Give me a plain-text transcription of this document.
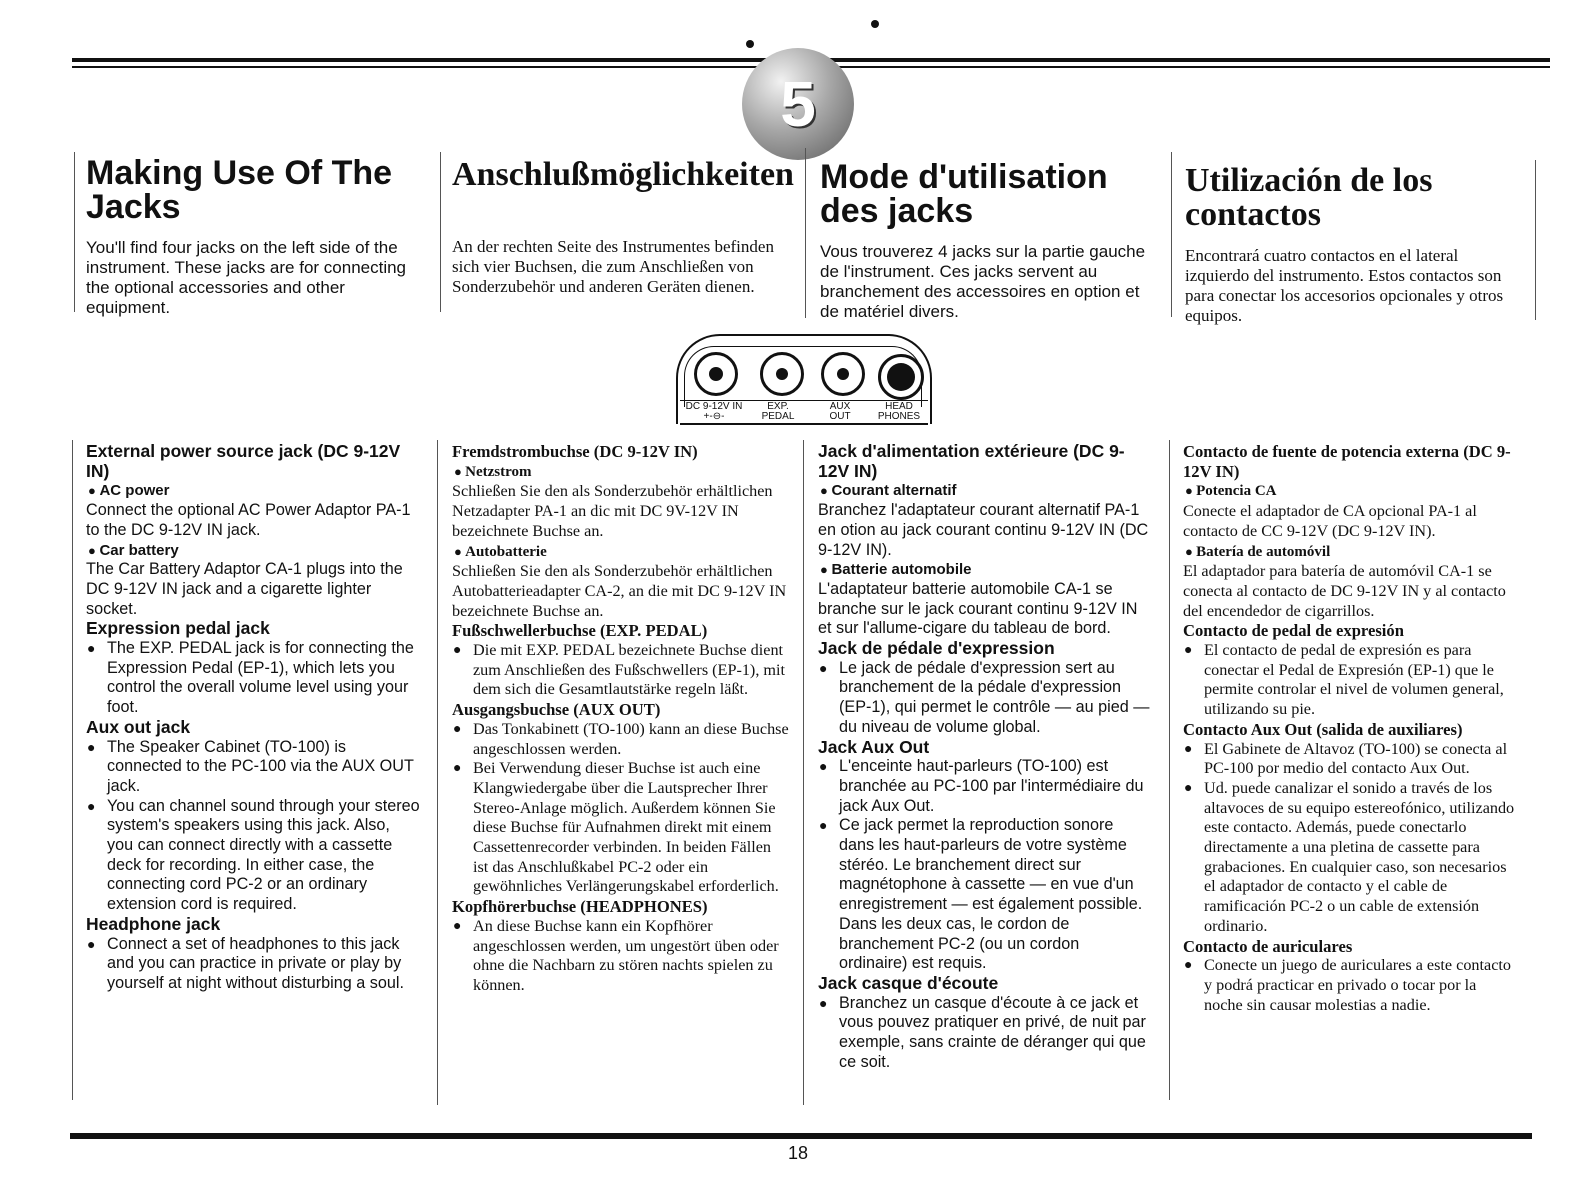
5
Making Use Of The Jacks

You'll find four jacks on the left side of the instrument. These jacks are for connecting the optional accessories and other equipment.

Anschlußmöglichkeiten

An der rechten Seite des Instrumentes befinden sich vier Buchsen, die zum Anschließen von Sonderzubehör und anderen Geräten dienen.

Mode d'utilisation des jacks

Vous trouverez 4 jacks sur la partie gauche de l'instrument. Ces jacks servent au branchement des accessoires en option et de matériel divers.

Utilización de los contactos

Encontrará cuatro contactos en el lateral izquierdo del instrumento. Estos contactos son para conectar los accesorios opcionales y otros equipos.

DC 9-12V IN
+-⊖-
EXP.
PEDAL
AUX
OUT
HEAD
PHONES
External power source jack (DC 9-12V IN)
● AC power

Connect the optional AC Power Adaptor PA-1 to the DC 9-12V IN jack.

● Car battery

The Car Battery Adaptor CA-1 plugs into the DC 9-12V IN jack and a cigarette lighter socket.

Expression pedal jack
● The EXP. PEDAL jack is for connecting the Expression Pedal (EP-1), which lets you control the overall volume level using your foot.
Aux out jack
● The Speaker Cabinet (TO-100) is connected to the PC-100 via the AUX OUT jack.
● You can channel sound through your stereo system's speakers using this jack. Also, you can connect directly with a cassette deck for recording. In either case, the connecting cord PC-2 or an ordinary extension cord is required.
Headphone jack
● Connect a set of headphones to this jack and you can practice in private or play by yourself at night without disturbing a soul.
Fremdstrombuchse (DC 9-12V IN)
● Netzstrom

Schließen Sie den als Sonderzubehör erhältlichen Netzadapter PA-1 an dic mit DC 9V-12V IN bezeichnete Buchse an.

● Autobatterie

Schließen Sie den als Sonderzubehör erhältlichen Autobatterieadapter CA-2, an die mit DC 9-12V IN bezeichnete Buchse an.

Fußschwellerbuchse (EXP. PEDAL)
● Die mit EXP. PEDAL bezeichnete Buchse dient zum Anschließen des Fußschwellers (EP-1), mit dem sich die Gesamtlautstärke regeln läßt.
Ausgangsbuchse (AUX OUT)
● Das Tonkabinett (TO-100) kann an diese Buchse angeschlossen werden.
● Bei Verwendung dieser Buchse ist auch eine Klangwiedergabe über die Lautsprecher Ihrer Stereo-Anlage möglich. Außerdem können Sie diese Buchse für Aufnahmen direkt mit einem Cassettenrecorder verbinden. In beiden Fällen ist das Anschlußkabel PC-2 oder ein gewöhnliches Verlängerungskabel erforderlich.
Kopfhörerbuchse (HEADPHONES)
● An diese Buchse kann ein Kopfhörer angeschlossen werden, um ungestört üben oder ohne die Nachbarn zu stören nachts spielen zu können.
Jack d'alimentation extérieure (DC 9-12V IN)
● Courant alternatif

Branchez l'adaptateur courant alternatif PA-1 en otion au jack courant continu 9-12V IN (DC 9-12V IN).

● Batterie automobile

L'adaptateur batterie automobile CA-1 se branche sur le jack courant continu 9-12V IN et sur l'allume-cigare du tableau de bord.

Jack de pédale d'expression
● Le jack de pédale d'expression sert au branchement de la pédale d'expression (EP-1), qui permet le contrôle — au pied — du niveau de volume global.
Jack Aux Out
● L'enceinte haut-parleurs (TO-100) est branchée au PC-100 par l'intermédiaire du jack Aux Out.
● Ce jack permet la reproduction sonore dans les haut-parleurs de votre système stéréo. Le branchement direct sur magnétophone à cassette — en vue d'un enregistrement — est également possible. Dans les deux cas, le cordon de branchement PC-2 (ou un cordon ordinaire) est requis.
Jack casque d'écoute
● Branchez un casque d'écoute à ce jack et vous pouvez pratiquer en privé, de nuit par exemple, sans crainte de déranger qui que ce soit.
Contacto de fuente de potencia externa (DC 9-12V IN)
● Potencia CA

Conecte el adaptador de CA opcional PA-1 al contacto de CC 9-12V (DC 9-12V IN).

● Batería de automóvil

El adaptador para batería de automóvil CA-1 se conecta al contacto de DC 9-12V IN y al contacto del encendedor de cigarrillos.

Contacto de pedal de expresión
● El contacto de pedal de expresión es para conectar el Pedal de Expresión (EP-1) que le permite controlar el nivel de volumen general, utilizando su pie.
Contacto Aux Out (salida de auxiliares)
● El Gabinete de Altavoz (TO-100) se conecta al PC-100 por medio del contacto Aux Out.
● Ud. puede canalizar el sonido a través de los altavoces de su equipo estereofónico, utilizando este contacto. Además, puede conectarlo directamente a una pletina de cassette para grabaciones. En cualquier caso, son necesarios el adaptador de contacto y el cable de ramificación PC-2 o un cable de extensión ordinario.
Contacto de auriculares
● Conecte un juego de auriculares a este contacto y podrá practicar en privado o tocar por la noche sin causar molestias a nadie.
18
